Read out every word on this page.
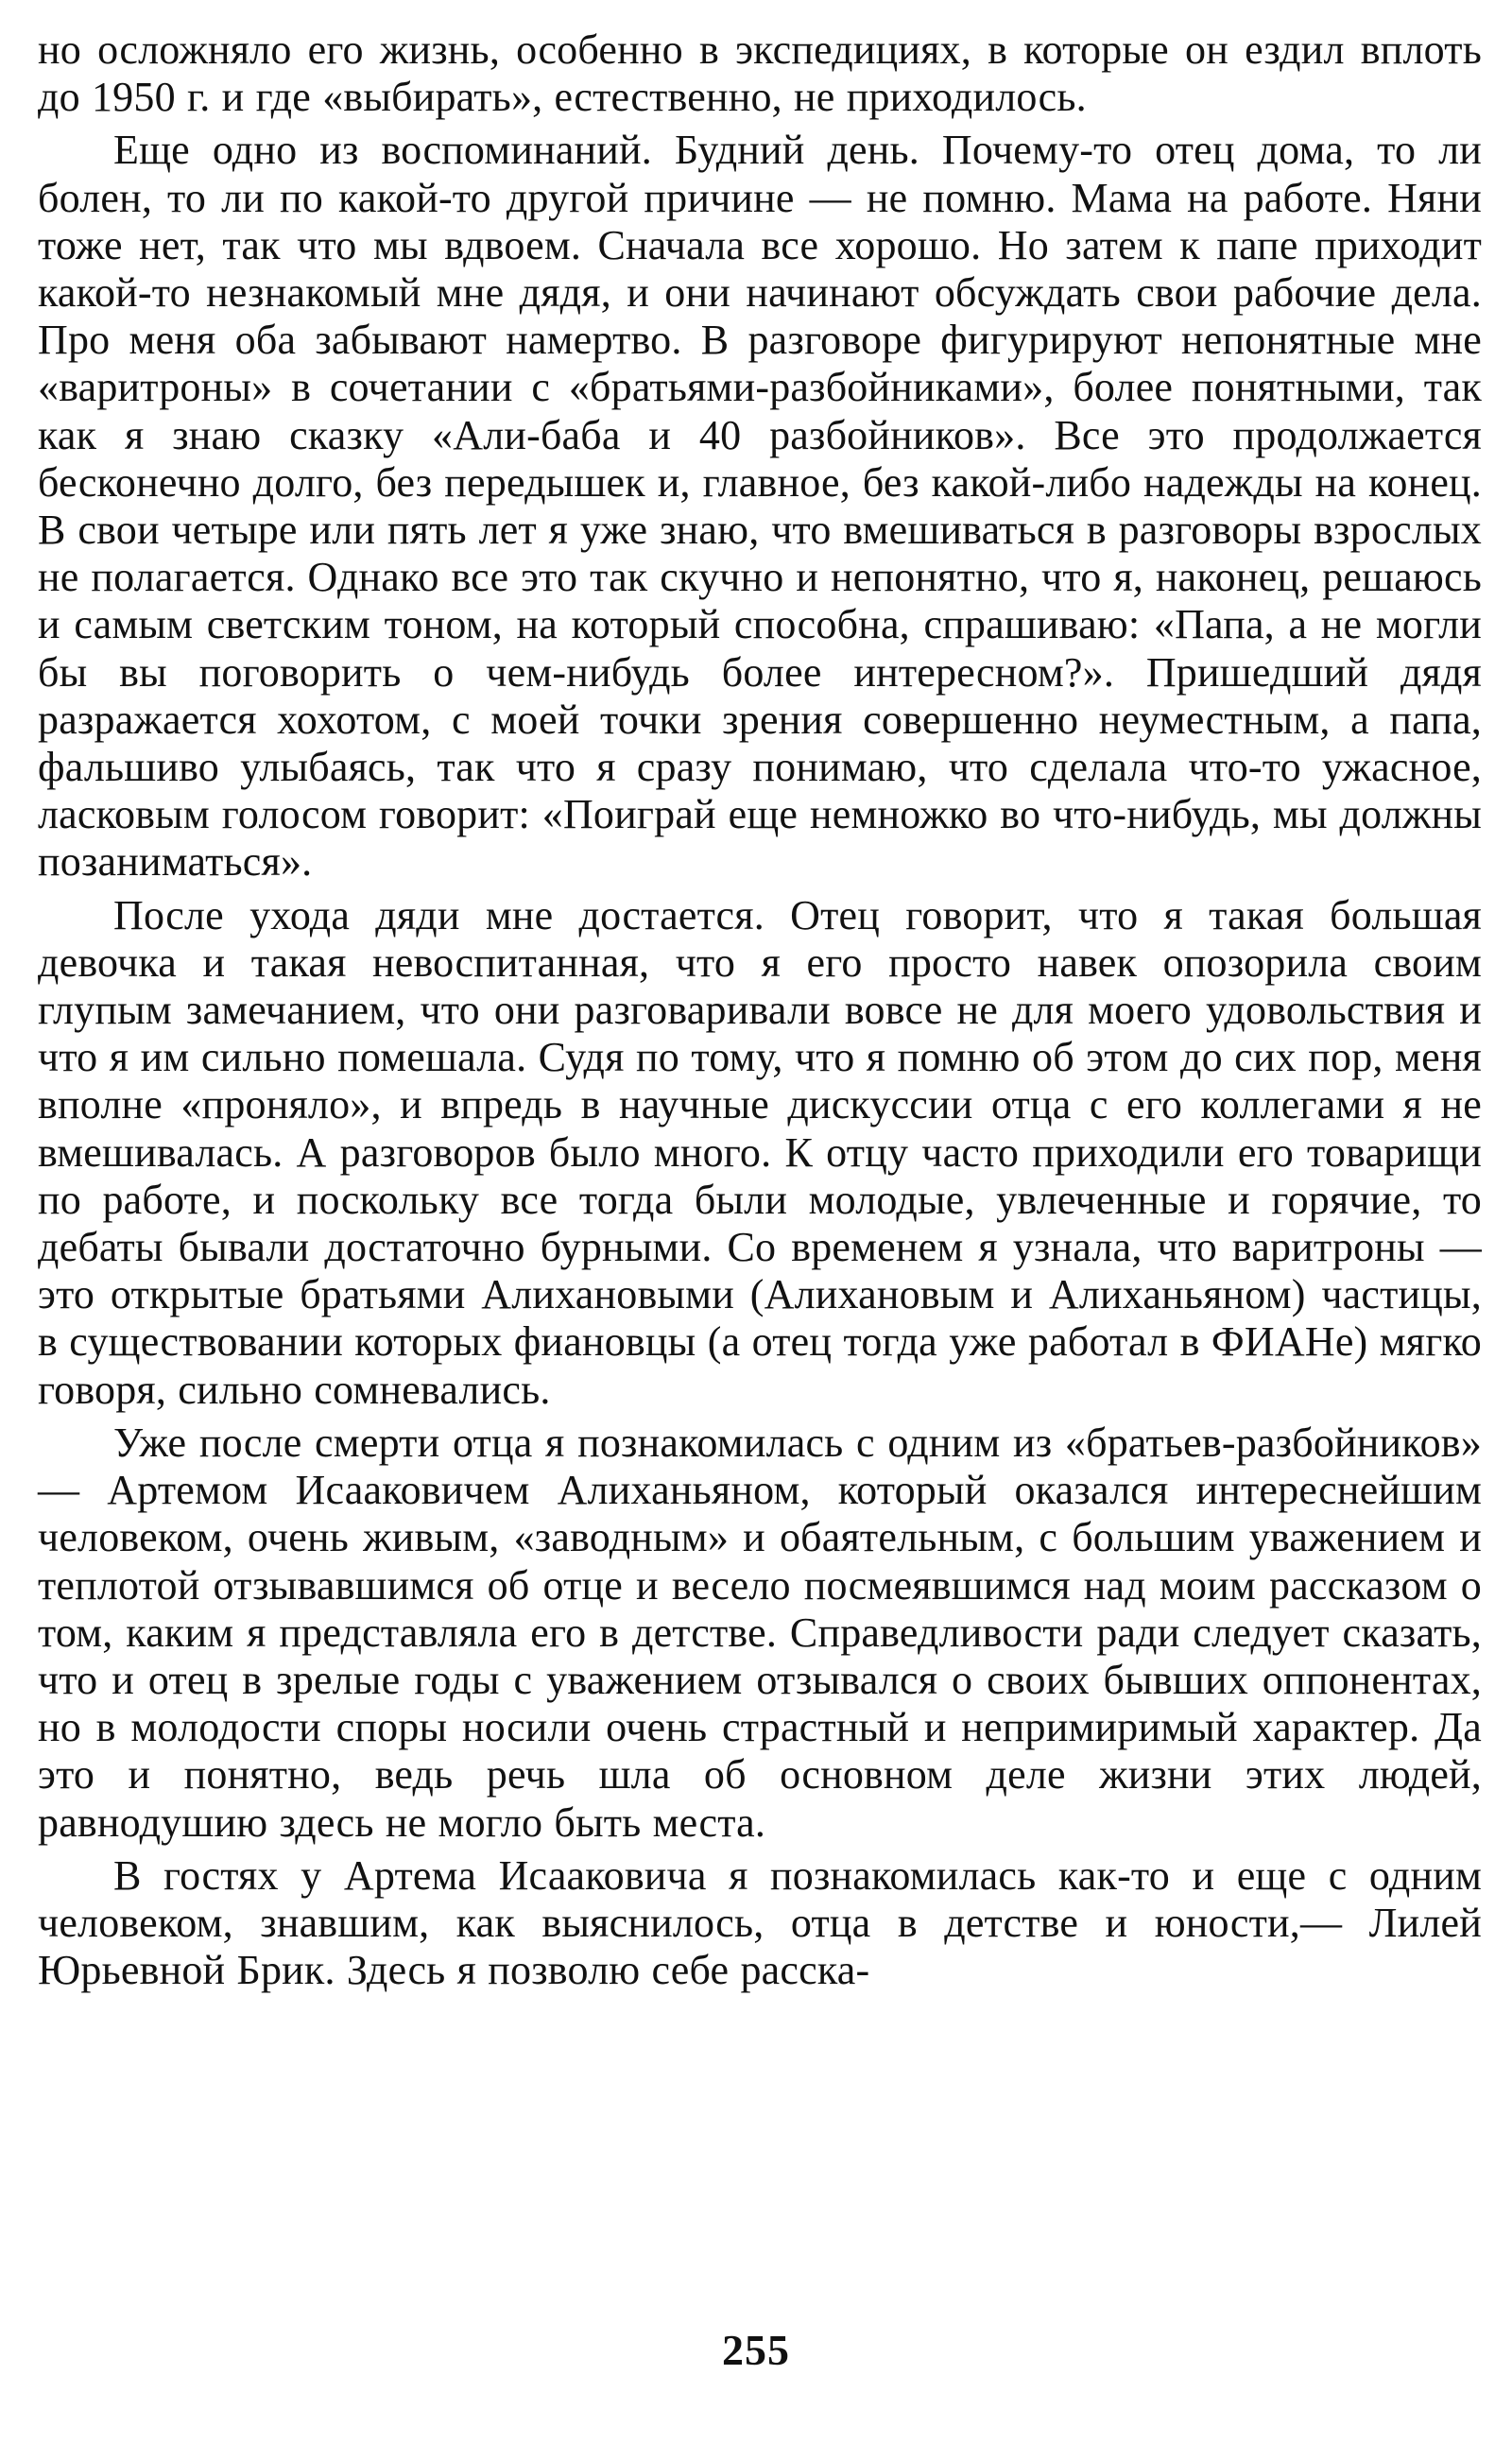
но осложняло его жизнь, особенно в экспедициях, в которые он ездил вплоть до 1950 г. и где «выбирать», естественно, не приходилось.

Еще одно из воспоминаний. Будний день. Почему-то отец дома, то ли болен, то ли по какой-то другой причине — не помню. Мама на работе. Няни тоже нет, так что мы вдвоем. Сначала все хорошо. Но затем к папе приходит какой-то незнакомый мне дядя, и они начинают обсуждать свои рабочие дела. Про меня оба забывают намертво. В разговоре фигурируют непонятные мне «варитроны» в сочетании с «братьями-разбойниками», более понятными, так как я знаю сказку «Али-баба и 40 разбойников». Все это продолжается бесконечно долго, без передышек и, главное, без какой-либо надежды на конец. В свои четыре или пять лет я уже знаю, что вмешиваться в разговоры взрослых не полагается. Однако все это так скучно и непонятно, что я, наконец, решаюсь и самым светским тоном, на который способна, спрашиваю: «Папа, а не могли бы вы поговорить о чем-нибудь более интересном?». Пришедший дядя разражается хохотом, с моей точки зрения совершенно неуместным, а папа, фальшиво улыбаясь, так что я сразу понимаю, что сделала что-то ужасное, ласковым голосом говорит: «Поиграй еще немножко во что-нибудь, мы должны позаниматься».

После ухода дяди мне достается. Отец говорит, что я такая большая девочка и такая невоспитанная, что я его просто навек опозорила своим глупым замечанием, что они разговаривали вовсе не для моего удовольствия и что я им сильно помешала. Судя по тому, что я помню об этом до сих пор, меня вполне «проняло», и впредь в научные дискуссии отца с его коллегами я не вмешивалась. А разговоров было много. К отцу часто приходили его товарищи по работе, и поскольку все тогда были молодые, увлеченные и горячие, то дебаты бывали достаточно бурными. Со временем я узнала, что варитроны — это открытые братьями Алихановыми (Алихановым и Алиханьяном) частицы, в существовании которых фиановцы (а отец тогда уже работал в ФИАНе) мягко говоря, сильно сомневались.

Уже после смерти отца я познакомилась с одним из «братьев-разбойников» — Артемом Исааковичем Алиханьяном, который оказался интереснейшим человеком, очень живым, «заводным» и обаятельным, с большим уважением и теплотой отзывавшимся об отце и весело посмеявшимся над моим рассказом о том, каким я представляла его в детстве. Справедливости ради следует сказать, что и отец в зрелые годы с уважением отзывался о своих бывших оппонентах, но в молодости споры носили очень страстный и непримиримый характер. Да это и понятно, ведь речь шла об основном деле жизни этих людей, равнодушию здесь не могло быть места.

В гостях у Артема Исааковича я познакомилась как-то и еще с одним человеком, знавшим, как выяснилось, отца в детстве и юности,— Лилей Юрьевной Брик. Здесь я позволю себе расска-

255
